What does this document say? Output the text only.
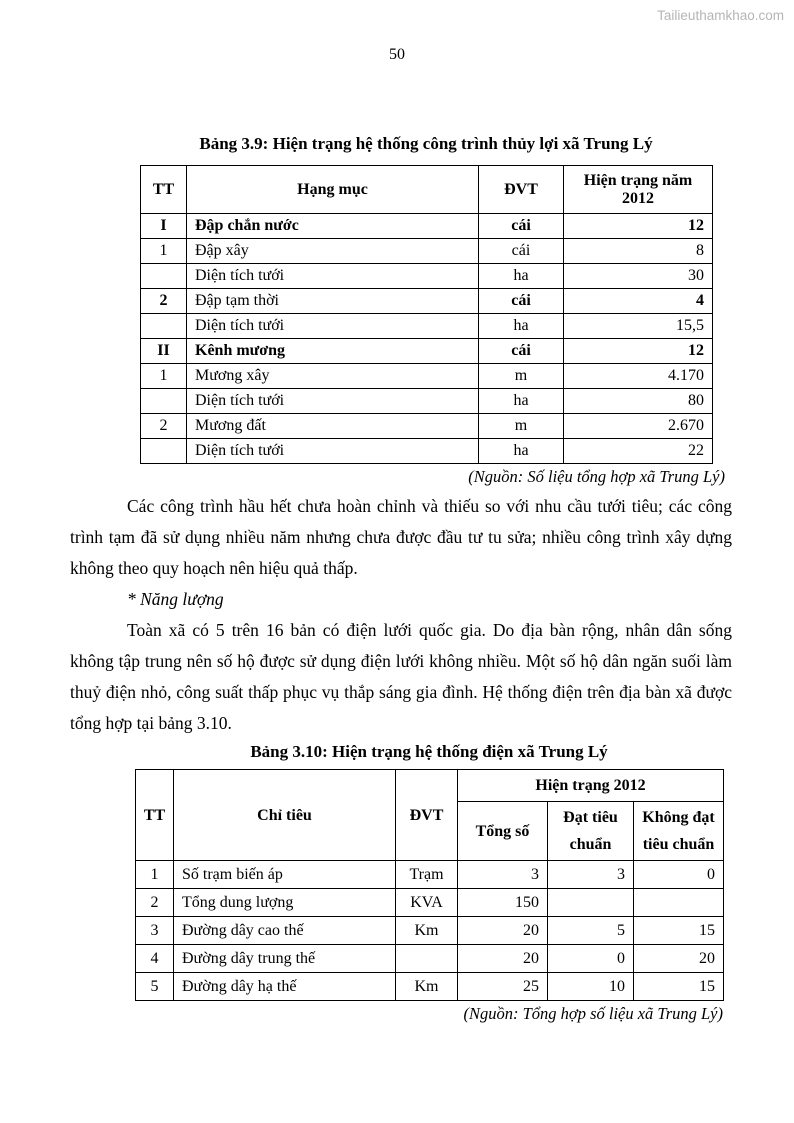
Tailieuthamkhao.com
50
Bảng 3.9: Hiện trạng hệ thống công trình thủy lợi xã Trung Lý
TT	Hạng mục	ĐVT	Hiện trạng năm 2012
I	Đập chắn nước	cái	12
1	Đập xây	cái	8
	Diện tích tưới	ha	30
2	Đập tạm thời	cái	4
	Diện tích tưới	ha	15,5
II	Kênh mương	cái	12
1	Mương xây	m	4.170
	Diện tích tưới	ha	80
2	Mương đất	m	2.670
	Diện tích tưới	ha	22
(Nguồn: Số liệu tổng hợp xã Trung Lý)

Các công trình hầu hết chưa hoàn chỉnh và thiếu so với nhu cầu tưới tiêu; các công trình tạm đã sử dụng nhiều năm nhưng chưa được đầu tư tu sửa; nhiều công trình xây dựng không theo quy hoạch nên hiệu quả thấp.

* Năng lượng

Toàn xã có 5 trên 16 bản có điện lưới quốc gia. Do địa bàn rộng, nhân dân sống không tập trung nên số hộ được sử dụng điện lưới không nhiều. Một số hộ dân ngăn suối làm thuỷ điện nhỏ, công suất thấp phục vụ thắp sáng gia đình. Hệ thống điện trên địa bàn xã được tổng hợp tại bảng 3.10.

Bảng 3.10: Hiện trạng hệ thống điện xã Trung Lý
TT	Chỉ tiêu	ĐVT	Hiện trạng 2012		
			Tổng số	Đạt tiêu chuẩn	Không đạt tiêu chuẩn
1	Số trạm biến áp	Trạm	3	3	0
2	Tổng dung lượng	KVA	150		
3	Đường dây cao thế	Km	20	5	15
4	Đường dây trung thế		20	0	20
5	Đường dây hạ thế	Km	25	10	15
(Nguồn: Tổng hợp số liệu xã Trung Lý)
